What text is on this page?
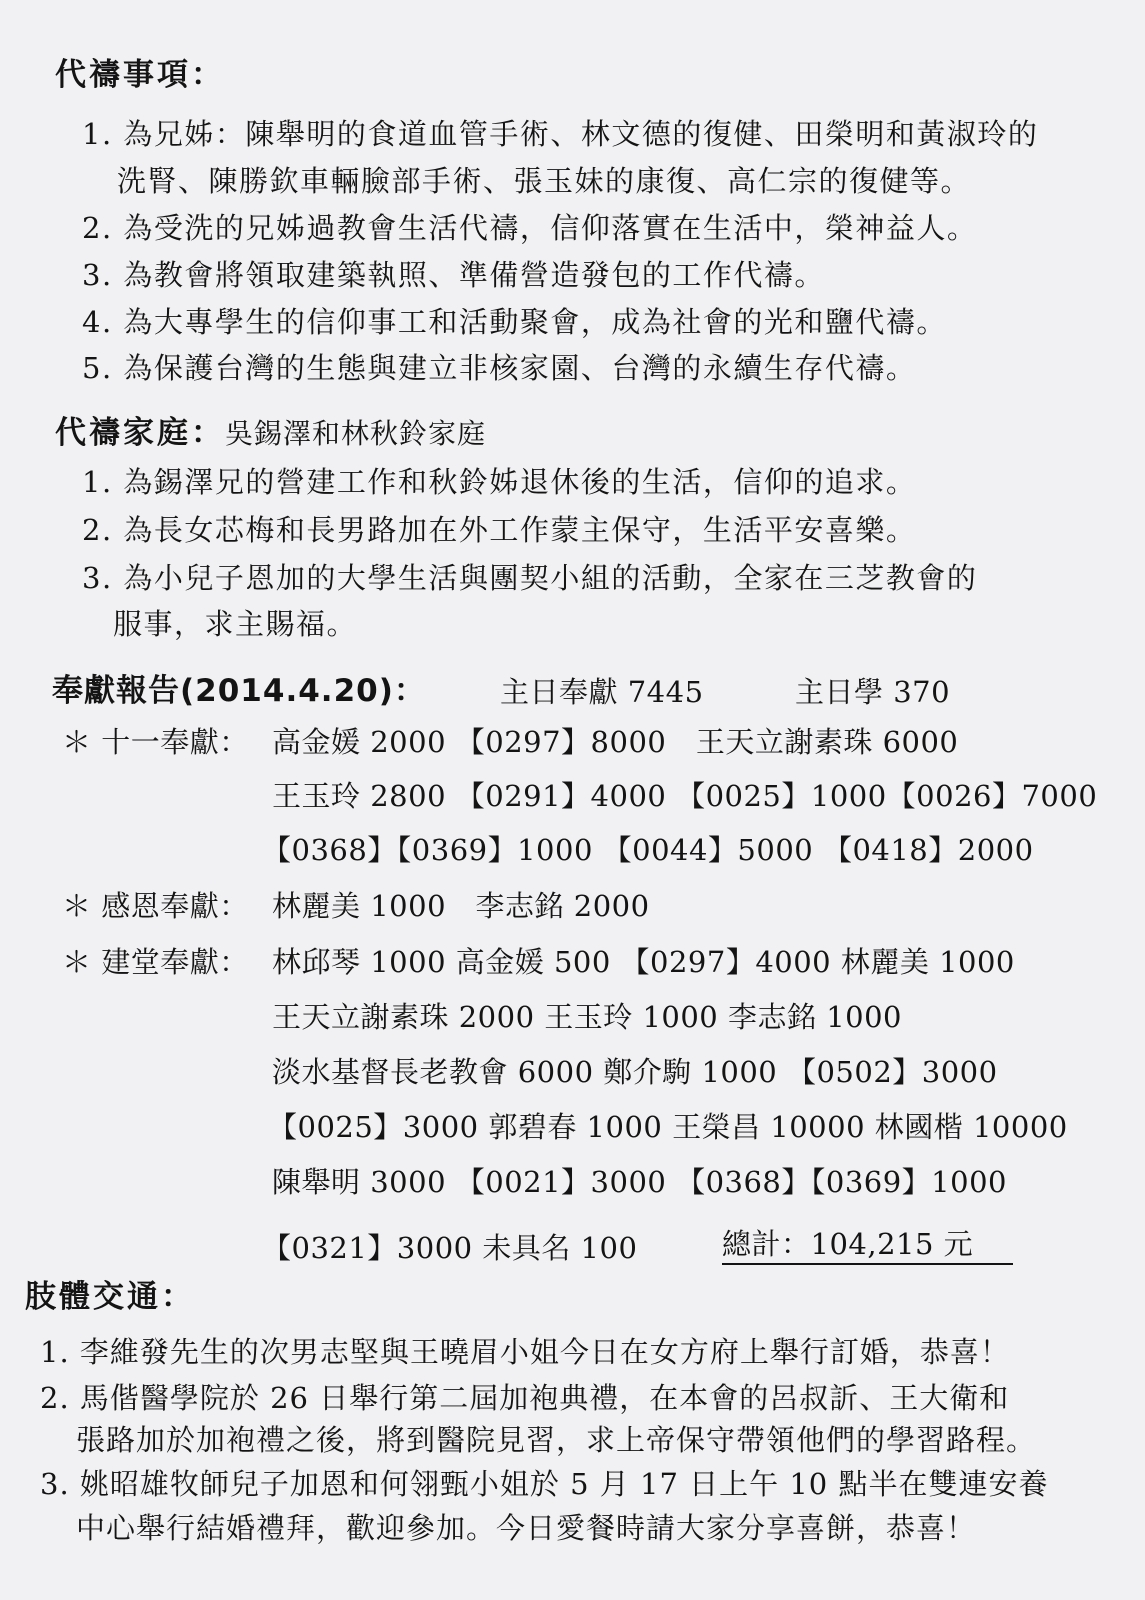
代禱事項：
1. 為兄姊：陳舉明的食道血管手術、林文德的復健、田榮明和黃淑玲的
洗腎、陳勝欽車輛臉部手術、張玉妹的康復、高仁宗的復健等。
2. 為受洗的兄姊過教會生活代禱，信仰落實在生活中，榮神益人。
3. 為教會將領取建築執照、準備營造發包的工作代禱。
4. 為大專學生的信仰事工和活動聚會，成為社會的光和鹽代禱。
5. 為保護台灣的生態與建立非核家園、台灣的永續生存代禱。
代禱家庭：吳錫澤和林秋鈴家庭
1. 為錫澤兄的營建工作和秋鈴姊退休後的生活，信仰的追求。
2. 為長女芯梅和長男路加在外工作蒙主保守，生活平安喜樂。
3. 為小兒子恩加的大學生活與團契小組的活動，全家在三芝教會的
服事，求主賜福。
奉獻報告(2014.4.20)：	主日奉獻 7445	主日學 370
＊ 十一奉獻： 高金媛 2000 【0297】8000　王天立謝素珠 6000
王玉玲 2800 【0291】4000 【0025】1000【0026】7000
【0368】【0369】1000 【0044】5000 【0418】2000
＊ 感恩奉獻： 林麗美 1000　李志銘 2000
＊ 建堂奉獻： 林邱琴 1000 高金媛 500 【0297】4000 林麗美 1000
王天立謝素珠 2000 王玉玲 1000 李志銘 1000
淡水基督長老教會 6000 鄭介駒 1000 【0502】3000
【0025】3000 郭碧春 1000 王榮昌 10000 林國楷 10000
陳舉明 3000 【0021】3000 【0368】【0369】1000
【0321】3000 未具名 100	總計：104,215 元
肢體交通：
1. 李維發先生的次男志堅與王曉眉小姐今日在女方府上舉行訂婚，恭喜！
2. 馬偕醫學院於 26 日舉行第二屆加袍典禮，在本會的呂叔訢、王大衛和
張路加於加袍禮之後，將到醫院見習，求上帝保守帶領他們的學習路程。
3. 姚昭雄牧師兒子加恩和何翎甄小姐於 5 月 17 日上午 10 點半在雙連安養
中心舉行結婚禮拜，歡迎參加。今日愛餐時請大家分享喜餅，恭喜！
